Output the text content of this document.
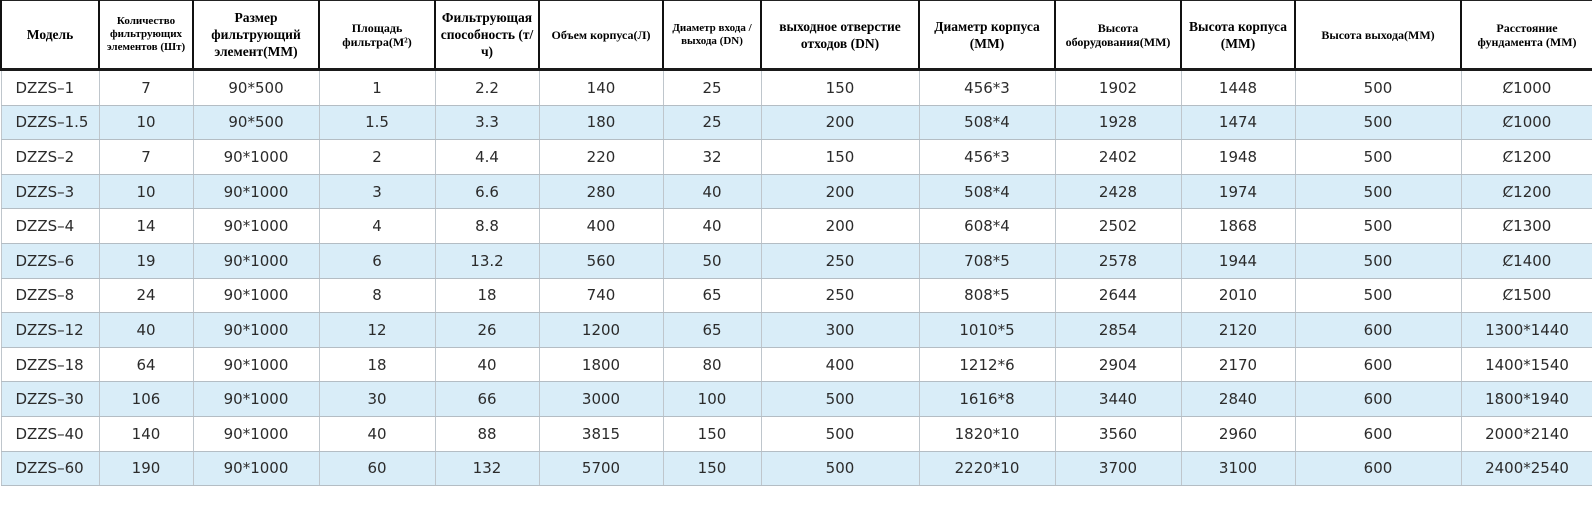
Модель	Количество фильтрующих элементов (Шт)	Размер фильтрующий элемент(ММ)	Площадь фильтра(М²)	Фильтрующая способность (т/ч)	Объем корпуса(Л)	Диаметр входа / выхода (DN)	выходное отверстие отходов (DN)	Диаметр корпуса (ММ)	Высота оборудования(ММ)	Высота корпуса (ММ)	Высота выхода(ММ)	Расстояние фундамента (ММ)
DZZS–1	7	90*500	1	2.2	140	25	150	456*3	1902	1448	500	Ȼ1000
DZZS–1.5	10	90*500	1.5	3.3	180	25	200	508*4	1928	1474	500	Ȼ1000
DZZS–2	7	90*1000	2	4.4	220	32	150	456*3	2402	1948	500	Ȼ1200
DZZS–3	10	90*1000	3	6.6	280	40	200	508*4	2428	1974	500	Ȼ1200
DZZS–4	14	90*1000	4	8.8	400	40	200	608*4	2502	1868	500	Ȼ1300
DZZS–6	19	90*1000	6	13.2	560	50	250	708*5	2578	1944	500	Ȼ1400
DZZS–8	24	90*1000	8	18	740	65	250	808*5	2644	2010	500	Ȼ1500
DZZS–12	40	90*1000	12	26	1200	65	300	1010*5	2854	2120	600	1300*1440
DZZS–18	64	90*1000	18	40	1800	80	400	1212*6	2904	2170	600	1400*1540
DZZS–30	106	90*1000	30	66	3000	100	500	1616*8	3440	2840	600	1800*1940
DZZS–40	140	90*1000	40	88	3815	150	500	1820*10	3560	2960	600	2000*2140
DZZS–60	190	90*1000	60	132	5700	150	500	2220*10	3700	3100	600	2400*2540
